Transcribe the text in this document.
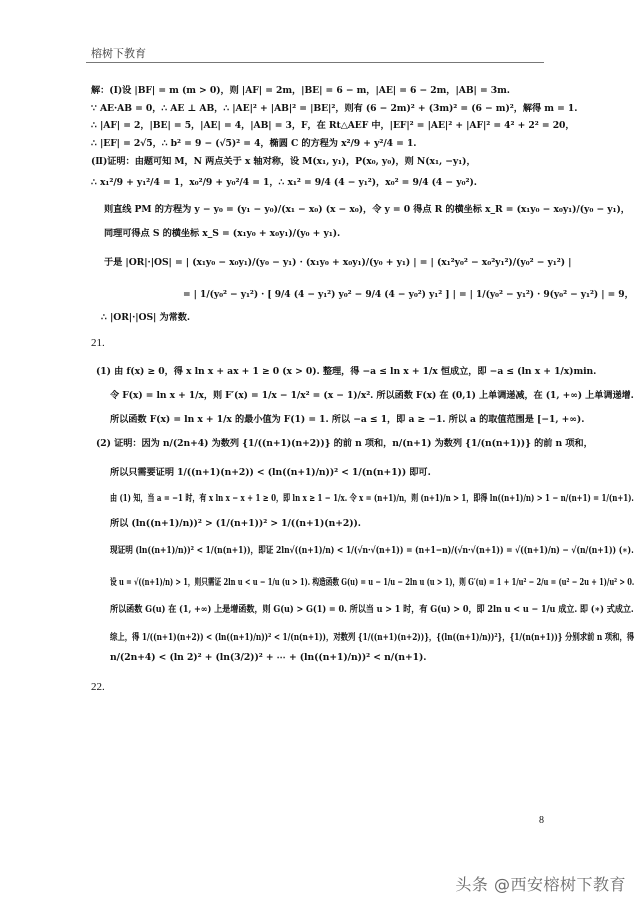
榕树下教育
解：(Ⅰ)设 |BF| = m (m > 0)，则 |AF| = 2m，|BE| = 6 − m，|AE| = 6 − 2m，|AB| = 3m.
∵ AE·AB = 0，∴ AE ⊥ AB，∴ |AE|² + |AB|² = |BE|²，则有 (6 − 2m)² + (3m)² = (6 − m)²，解得 m = 1.
∴ |AF| = 2，|BE| = 5，|AE| = 4，|AB| = 3，F，在 Rt△AEF 中，|EF|² = |AE|² + |AF|² = 4² + 2² = 20，
∴ |EF| = 2√5，∴ b² = 9 − (√5)² = 4，椭圆 C 的方程为 x²/9 + y²/4 = 1.
(Ⅱ)证明：由题可知 M，N 两点关于 x 轴对称，设 M(x₁, y₁)，P(x₀, y₀)，则 N(x₁, −y₁)，
∴ x₁²/9 + y₁²/4 = 1，x₀²/9 + y₀²/4 = 1，∴ x₁² = 9/4 (4 − y₁²)，x₀² = 9/4 (4 − y₀²).
则直线 PM 的方程为 y − y₀ = (y₁ − y₀)/(x₁ − x₀) (x − x₀)，令 y = 0 得点 R 的横坐标 x_R = (x₁y₀ − x₀y₁)/(y₀ − y₁)，
同理可得点 S 的横坐标 x_S = (x₁y₀ + x₀y₁)/(y₀ + y₁).
于是 |OR|·|OS| = | (x₁y₀ − x₀y₁)/(y₀ − y₁) · (x₁y₀ + x₀y₁)/(y₀ + y₁) | = | (x₁²y₀² − x₀²y₁²)/(y₀² − y₁²) |
= | 1/(y₀² − y₁²) · [ 9/4 (4 − y₁²) y₀² − 9/4 (4 − y₀²) y₁² ] | = | 1/(y₀² − y₁²) · 9(y₀² − y₁²) | = 9，
∴ |OR|·|OS| 为常数.
21.
(1) 由 f(x) ≥ 0，得 x ln x + ax + 1 ≥ 0 (x > 0). 整理，得 −a ≤ ln x + 1/x 恒成立，即 −a ≤ (ln x + 1/x)min.
令 F(x) = ln x + 1/x，则 F′(x) = 1/x − 1/x² = (x − 1)/x². 所以函数 F(x) 在 (0,1) 上单调递减，在 (1, +∞) 上单调递增.
所以函数 F(x) = ln x + 1/x 的最小值为 F(1) = 1. 所以 −a ≤ 1，即 a ≥ −1. 所以 a 的取值范围是 [−1, +∞).
(2) 证明：因为 n/(2n+4) 为数列 {1/((n+1)(n+2))} 的前 n 项和，n/(n+1) 为数列 {1/(n(n+1))} 的前 n 项和，
所以只需要证明 1/((n+1)(n+2)) < (ln((n+1)/n))² < 1/(n(n+1)) 即可.
由 (1) 知，当 a = −1 时，有 x ln x − x + 1 ≥ 0，即 ln x ≥ 1 − 1/x. 令 x = (n+1)/n，则 (n+1)/n > 1，即得 ln((n+1)/n) > 1 − n/(n+1) = 1/(n+1).
所以 (ln((n+1)/n))² > (1/(n+1))² > 1/((n+1)(n+2)).
现证明 (ln((n+1)/n))² < 1/(n(n+1))，即证 2ln√((n+1)/n) < 1/(√n·√(n+1)) = (n+1−n)/(√n·√(n+1)) = √((n+1)/n) − √(n/(n+1)) (∗).
设 u = √((n+1)/n) > 1，则只需证 2ln u < u − 1/u (u > 1). 构造函数 G(u) = u − 1/u − 2ln u (u > 1)，则 G′(u) = 1 + 1/u² − 2/u = (u² − 2u + 1)/u² > 0.
所以函数 G(u) 在 (1, +∞) 上是增函数，则 G(u) > G(1) = 0. 所以当 u > 1 时，有 G(u) > 0，即 2ln u < u − 1/u 成立. 即 (∗) 式成立.
综上，得 1/((n+1)(n+2)) < (ln((n+1)/n))² < 1/(n(n+1))，对数列 {1/((n+1)(n+2))}，{(ln((n+1)/n))²}，{1/(n(n+1))} 分别求前 n 项和，得
n/(2n+4) < (ln 2)² + (ln(3/2))² + ⋯ + (ln((n+1)/n))² < n/(n+1).
22.
8
头条 @西安榕树下教育
